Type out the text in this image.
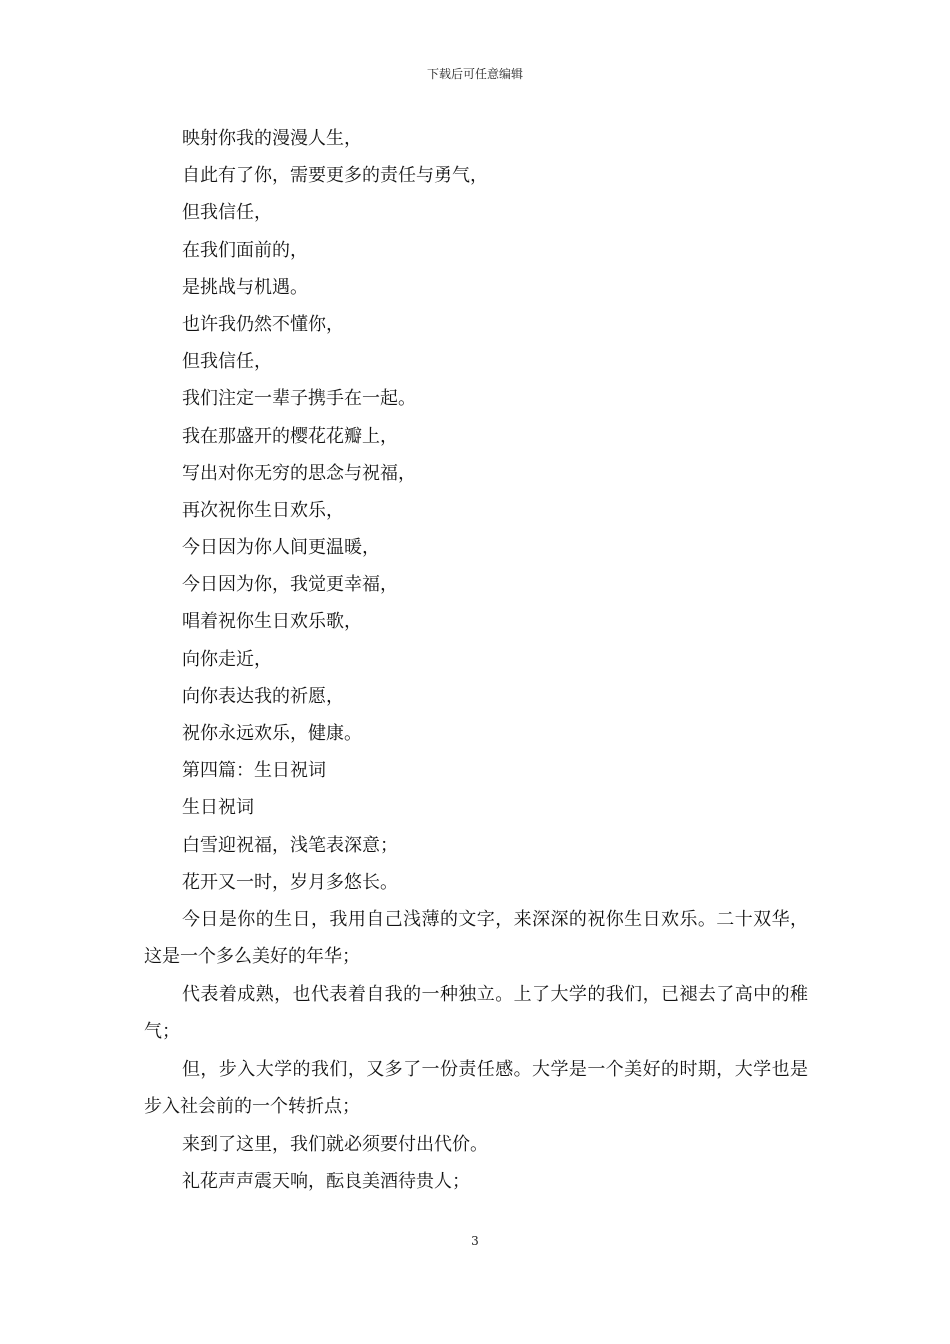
下载后可任意编辑
映射你我的漫漫人生，
自此有了你，需要更多的责任与勇气，
但我信任，
在我们面前的，
是挑战与机遇。
也许我仍然不懂你，
但我信任，
我们注定一辈子携手在一起。
我在那盛开的樱花花瓣上，
写出对你无穷的思念与祝福，
再次祝你生日欢乐，
今日因为你人间更温暖，
今日因为你，我觉更幸福，
唱着祝你生日欢乐歌，
向你走近，
向你表达我的祈愿，
祝你永远欢乐，健康。
第四篇：生日祝词
生日祝词
白雪迎祝福，浅笔表深意；
花开又一时，岁月多悠长。

今日是你的生日，我用自己浅薄的文字，来深深的祝你生日欢乐。二十双华，这是一个多么美好的年华；

代表着成熟，也代表着自我的一种独立。上了大学的我们，已褪去了高中的稚气；

但，步入大学的我们，又多了一份责任感。大学是一个美好的时期，大学也是步入社会前的一个转折点；

来到了这里，我们就必须要付出代价。

礼花声声震天响，酝良美酒待贵人；

3
